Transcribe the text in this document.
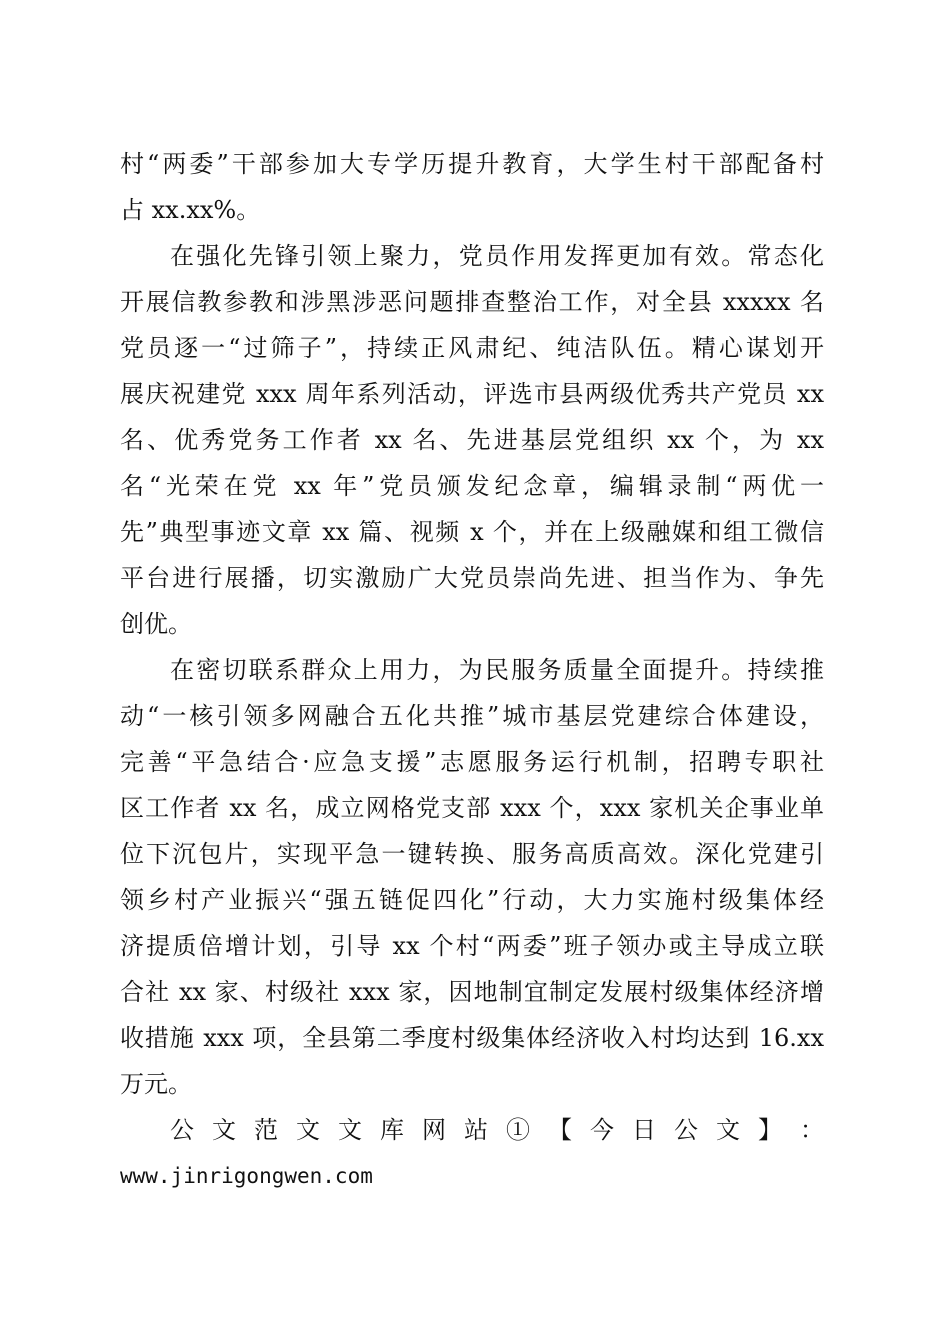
村“两委”干部参加大专学历提升教育，大学生村干部配备村
占 xx.xx%。
在强化先锋引领上聚力，党员作用发挥更加有效。常态化
开展信教参教和涉黑涉恶问题排查整治工作，对全县 xxxxx 名
党员逐一“过筛子”，持续正风肃纪、纯洁队伍。精心谋划开
展庆祝建党 xxx 周年系列活动，评选市县两级优秀共产党员 xx
名、优秀党务工作者 xx 名、先进基层党组织 xx 个，为 xx
名“光荣在党 xx 年”党员颁发纪念章，编辑录制“两优一
先”典型事迹文章 xx 篇、视频 x 个，并在上级融媒和组工微信
平台进行展播，切实激励广大党员崇尚先进、担当作为、争先
创优。
在密切联系群众上用力，为民服务质量全面提升。持续推
动“一核引领多网融合五化共推”城市基层党建综合体建设，
完善“平急结合·应急支援”志愿服务运行机制，招聘专职社
区工作者 xx 名，成立网格党支部 xxx 个，xxx 家机关企事业单
位下沉包片，实现平急一键转换、服务高质高效。深化党建引
领乡村产业振兴“强五链促四化”行动，大力实施村级集体经
济提质倍增计划，引导 xx 个村“两委”班子领办或主导成立联
合社 xx 家、村级社 xxx 家，因地制宜制定发展村级集体经济增
收措施 xxx 项，全县第二季度村级集体经济收入村均达到 16.xx
万元。
公 文 范 文 文 库 网 站 ① 【 今 日 公 文 】 ：
www.jinrigongwen.com
